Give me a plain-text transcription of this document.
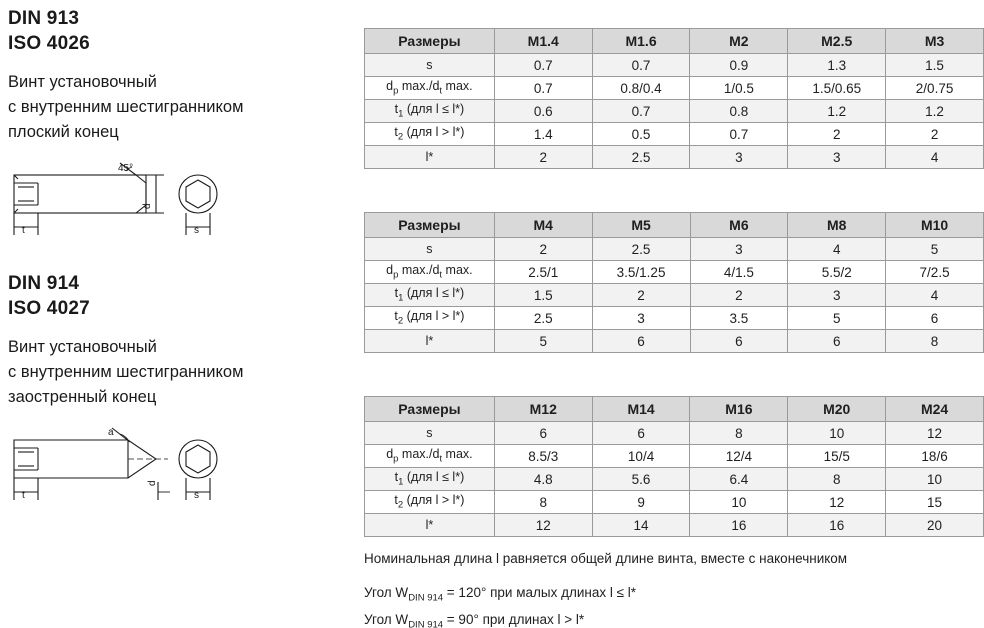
DIN 913
ISO 4026
Винт установочный
с внутренним шестигранником
плоский конец
45°
t
d
s
DIN 914
ISO 4027
Винт установочный
с внутренним шестигранником
заостренный конец
a
t
d
s
Размеры	M1.4	M1.6	M2	M2.5	M3
s	0.7	0.7	0.9	1.3	1.5
$d_p$ $\max./d_t$ max.	0.7	0.8/0.4	1/0.5	1.5/0.65	2/0.75
$t_1$ (для l ≤ l*)	0.6	0.7	0.8	1.2	1.2
$t_2$ (для l > l*)	1.4	0.5	0.7	2	2
l*	2	2.5	3	3	4
Размеры	M4	M5	M6	M8	M10
s	2	2.5	3	4	5
$d_p$ $\max./d_t$ max.	2.5/1	3.5/1.25	4/1.5	5.5/2	7/2.5
$t_1$ (для l ≤ l*)	1.5	2	2	3	4
$t_2$ (для l > l*)	2.5	3	3.5	5	6
l*	5	6	6	6	8
Размеры	M12	M14	M16	M20	M24
s	6	6	8	10	12
$d_p$ $\max./d_t$ max.	8.5/3	10/4	12/4	15/5	18/6
$t_1$ (для l ≤ l*)	4.8	5.6	6.4	8	10
$t_2$ (для l > l*)	8	9	10	12	15
l*	12	14	16	16	20
Номинальная длина l равняется общей длине винта, вместе с наконечником
Угол $W_{DIN 914} = 120^\circ$ при малых длинах l ≤ l*
Угол $W_{DIN 914} = 90^\circ$ при длинах l > l*
